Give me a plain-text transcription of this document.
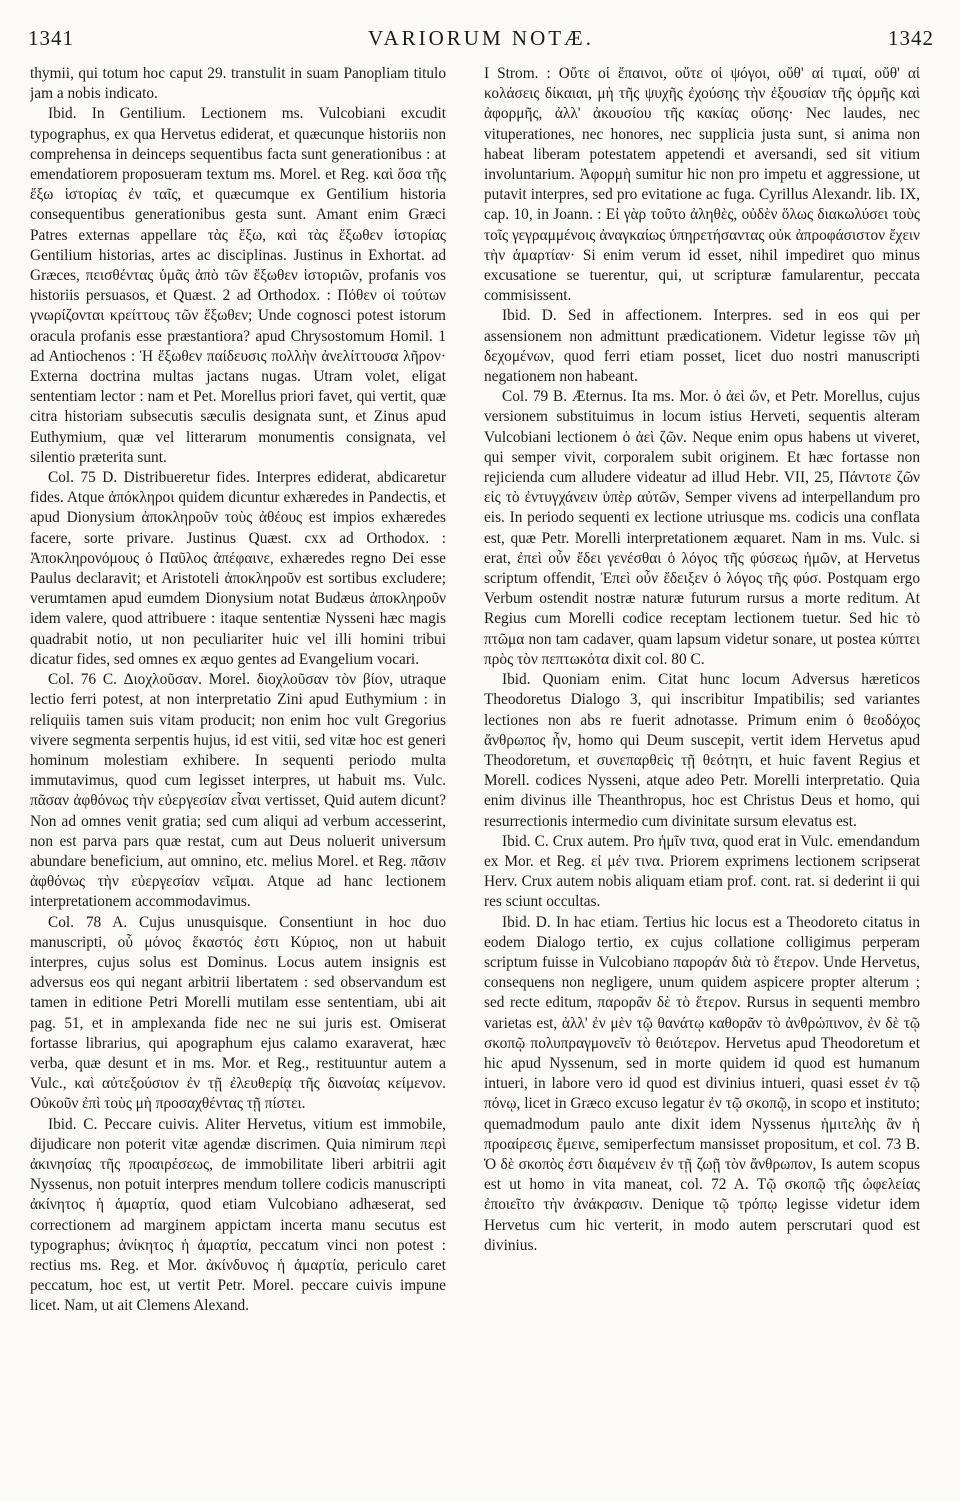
1341	VARIORUM NOTÆ.	1342

thymii, qui totum hoc caput 29. transtulit in suam Panopliam titulo jam a nobis indicato.

Ibid. In Gentilium. Lectionem ms. Vulcobiani excudit typographus, ex qua Hervetus ediderat, et quæcunque historiis non comprehensa in deinceps sequentibus facta sunt generationibus : at emendatiorem proposueram textum ms. Morel. et Reg. καὶ ὅσα τῆς ἔξω ἱστορίας ἐν ταῖς, et quæcumque ex Gentilium historia consequentibus generationibus gesta sunt. Amant enim Græci Patres externas appellare τὰς ἔξω, καὶ τὰς ἔξωθεν ἱστορίας Gentilium historias, artes ac disciplinas. Justinus in Exhortat. ad Græces, πεισθέντας ὑμᾶς ἀπὸ τῶν ἔξωθεν ἱστοριῶν, profanis vos historiis persuasos, et Quæst. 2 ad Orthodox. : Πόθεν οἱ τούτων γνωρίζονται κρείττους τῶν ἔξωθεν; Unde cognosci potest istorum oracula profanis esse præstantiora? apud Chrysostomum Homil. 1 ad Antiochenos : Ἡ ἔξωθεν παίδευσις πολλὴν ἀνελίττουσα λῆρον· Externa doctrina multas jactans nugas. Utram volet, eligat sententiam lector : nam et Pet. Morellus priori favet, qui vertit, quæ citra historiam subsecutis sæculis designata sunt, et Zinus apud Euthymium, quæ vel litterarum monumentis consignata, vel silentio præterita sunt.

Col. 75 D. Distribueretur fides. Interpres ediderat, abdicaretur fides. Atque ἀπόκληροι quidem dicuntur exhæredes in Pandectis, et apud Dionysium ἀποκληροῦν τοὺς ἀθέους est impios exhæredes facere, sorte privare. Justinus Quæst. cxx ad Orthodox. : Ἀποκληρονόμους ὁ Παῦλος ἀπέφαινε, exhæredes regno Dei esse Paulus declaravit; et Aristoteli ἀποκληροῦν est sortibus excludere; verumtamen apud eumdem Dionysium notat Budæus ἀποκληροῦν idem valere, quod attribuere : itaque sententiæ Nysseni hæc magis quadrabit notio, ut non peculiariter huic vel illi homini tribui dicatur fides, sed omnes ex æquo gentes ad Evangelium vocari.

Col. 76 C. Διοχλοῦσαν. Morel. διοχλοῦσαν τὸν βίον, utraque lectio ferri potest, at non interpretatio Zini apud Euthymium : in reliquiis tamen suis vitam producit; non enim hoc vult Gregorius vivere segmenta serpentis hujus, id est vitii, sed vitæ hoc est generi hominum molestiam exhibere. In sequenti periodo multa immutavimus, quod cum legisset interpres, ut habuit ms. Vulc. πᾶσαν ἀφθόνως τὴν εὐεργεσίαν εἶναι vertisset, Quid autem dicunt? Non ad omnes venit gratia; sed cum aliqui ad verbum accesserint, non est parva pars quæ restat, cum aut Deus noluerit universum abundare beneficium, aut omnino, etc. melius Morel. et Reg. πᾶσιν ἀφθόνως τὴν εὐεργεσίαν νεῖμαι. Atque ad hanc lectionem interpretationem accommodavimus.

Col. 78 A. Cujus unusquisque. Consentiunt in hoc duo manuscripti, οὗ μόνος ἕκαστός ἐστι Κύριος, non ut habuit interpres, cujus solus est Dominus. Locus autem insignis est adversus eos qui negant arbitrii libertatem : sed observandum est tamen in editione Petri Morelli mutilam esse sententiam, ubi ait pag. 51, et in amplexanda fide nec ne sui juris est. Omiserat fortasse librarius, qui apographum ejus calamo exaraverat, hæc verba, quæ desunt et in ms. Mor. et Reg., restituuntur autem a Vulc., καὶ αὐτεξούσιον ἐν τῇ ἐλευθερίᾳ τῆς διανοίας κείμενον. Οὐκοῦν ἐπὶ τοὺς μὴ προσαχθέντας τῇ πίστει.

Ibid. C. Peccare cuivis. Aliter Hervetus, vitium est immobile, dijudicare non poterit vitæ agendæ discrimen. Quia nimirum περὶ ἀκινησίας τῆς προαιρέσεως, de immobilitate liberi arbitrii agit Nyssenus, non potuit interpres mendum tollere codicis manuscripti ἀκίνητος ἡ ἁμαρτία, quod etiam Vulcobiano adhæserat, sed correctionem ad marginem appictam incerta manu secutus est typographus; ἀνίκητος ἡ ἁμαρτία, peccatum vinci non potest : rectius ms. Reg. et Mor. ἀκίνδυνος ἡ ἁμαρτία, periculo caret peccatum, hoc est, ut vertit Petr. Morel. peccare cuivis impune licet. Nam, ut ait Clemens Alexand.

I Strom. : Οὔτε οἱ ἔπαινοι, οὔτε οἱ ψόγοι, οὔθ' αἱ τιμαί, οὔθ' αἱ κολάσεις δίκαιαι, μὴ τῆς ψυχῆς ἐχούσης τὴν ἐξουσίαν τῆς ὁρμῆς καὶ ἀφορμῆς, ἀλλ' ἀκουσίου τῆς κακίας οὔσης· Nec laudes, nec vituperationes, nec honores, nec supplicia justa sunt, si anima non habeat liberam potestatem appetendi et aversandi, sed sit vitium involuntarium. Ἀφορμὴ sumitur hic non pro impetu et aggressione, ut putavit interpres, sed pro evitatione ac fuga. Cyrillus Alexandr. lib. IX, cap. 10, in Joann. : Εἰ γὰρ τοῦτο ἀληθὲς, οὐδὲν ὅλως διακωλύσει τοὺς τοῖς γεγραμμένοις ἀναγκαίως ὑπηρετήσαντας οὐκ ἀπροφάσιστον ἔχειν τὴν ἁμαρτίαν· Si enim verum id esset, nihil impediret quo minus excusatione se tuerentur, qui, ut scripturæ famularentur, peccata commisissent.

Ibid. D. Sed in affectionem. Interpres. sed in eos qui per assensionem non admittunt prædicationem. Videtur legisse τῶν μὴ δεχομένων, quod ferri etiam posset, licet duo nostri manuscripti negationem non habeant.

Col. 79 B. Æternus. Ita ms. Mor. ὁ ἀεὶ ὤν, et Petr. Morellus, cujus versionem substituimus in locum istius Herveti, sequentis alteram Vulcobiani lectionem ὁ ἀεὶ ζῶν. Neque enim opus habens ut viveret, qui semper vivit, corporalem subit originem. Et hæc fortasse non rejicienda cum alludere videatur ad illud Hebr. VII, 25, Πάντοτε ζῶν εἰς τὸ ἐντυγχάνειν ὑπὲρ αὐτῶν, Semper vivens ad interpellandum pro eis. In periodo sequenti ex lectione utriusque ms. codicis una conflata est, quæ Petr. Morelli interpretationem æquaret. Nam in ms. Vulc. si erat, ἐπεὶ οὖν ἔδει γενέσθαι ὁ λόγος τῆς φύσεως ἡμῶν, at Hervetus scriptum offendit, Ἐπεὶ οὖν ἔδειξεν ὁ λόγος τῆς φύσ. Postquam ergo Verbum ostendit nostræ naturæ futurum rursus a morte reditum. At Regius cum Morelli codice receptam lectionem tuetur. Sed hic τὸ πτῶμα non tam cadaver, quam lapsum videtur sonare, ut postea κύπτει πρὸς τὸν πεπτωκότα dixit col. 80 C.

Ibid. Quoniam enim. Citat hunc locum Adversus hæreticos Theodoretus Dialogo 3, qui inscribitur Impatibilis; sed variantes lectiones non abs re fuerit adnotasse. Primum enim ὁ θεοδόχος ἄνθρωπος ἦν, homo qui Deum suscepit, vertit idem Hervetus apud Theodoretum, et συνεπαρθεὶς τῇ θεότητι, et huic favent Regius et Morell. codices Nysseni, atque adeo Petr. Morelli interpretatio. Quia enim divinus ille Theanthropus, hoc est Christus Deus et homo, qui resurrectionis intermedio cum divinitate sursum elevatus est.

Ibid. C. Crux autem. Pro ἡμῖν τινα, quod erat in Vulc. emendandum ex Mor. et Reg. εἰ μέν τινα. Priorem exprimens lectionem scripserat Herv. Crux autem nobis aliquam etiam prof. cont. rat. si dederint ii qui res sciunt occultas.

Ibid. D. In hac etiam. Tertius hic locus est a Theodoreto citatus in eodem Dialogo tertio, ex cujus collatione colligimus perperam scriptum fuisse in Vulcobiano παροράν διὰ τὸ ἕτερον. Unde Hervetus, consequens non negligere, unum quidem aspicere propter alterum ; sed recte editum, παρορᾶν δὲ τὸ ἕτερον. Rursus in sequenti membro varietas est, ἀλλ' ἐν μὲν τῷ θανάτῳ καθορᾶν τὸ ἀνθρώπινον, ἐν δὲ τῷ σκοπῷ πολυπραγμονεῖν τὸ θειότερον. Hervetus apud Theodoretum et hic apud Nyssenum, sed in morte quidem id quod est humanum intueri, in labore vero id quod est divinius intueri, quasi esset ἐν τῷ πόνῳ, licet in Græco excuso legatur ἐν τῷ σκοπῷ, in scopo et instituto; quemadmodum paulo ante dixit idem Nyssenus ἡμιτελὴς ἂν ἡ προαίρεσις ἔμεινε, semiperfectum mansisset propositum, et col. 73 B. Ὁ δὲ σκοπὸς ἐστι διαμένειν ἐν τῇ ζωῇ τὸν ἄνθρωπον, Is autem scopus est ut homo in vita maneat, col. 72 A. Τῷ σκοπῷ τῆς ὠφελείας ἐποιεῖτο τὴν ἀνάκρασιν. Denique τῷ τρόπῳ legisse videtur idem Hervetus cum hic verterit, in modo autem perscrutari quod est divinius.
